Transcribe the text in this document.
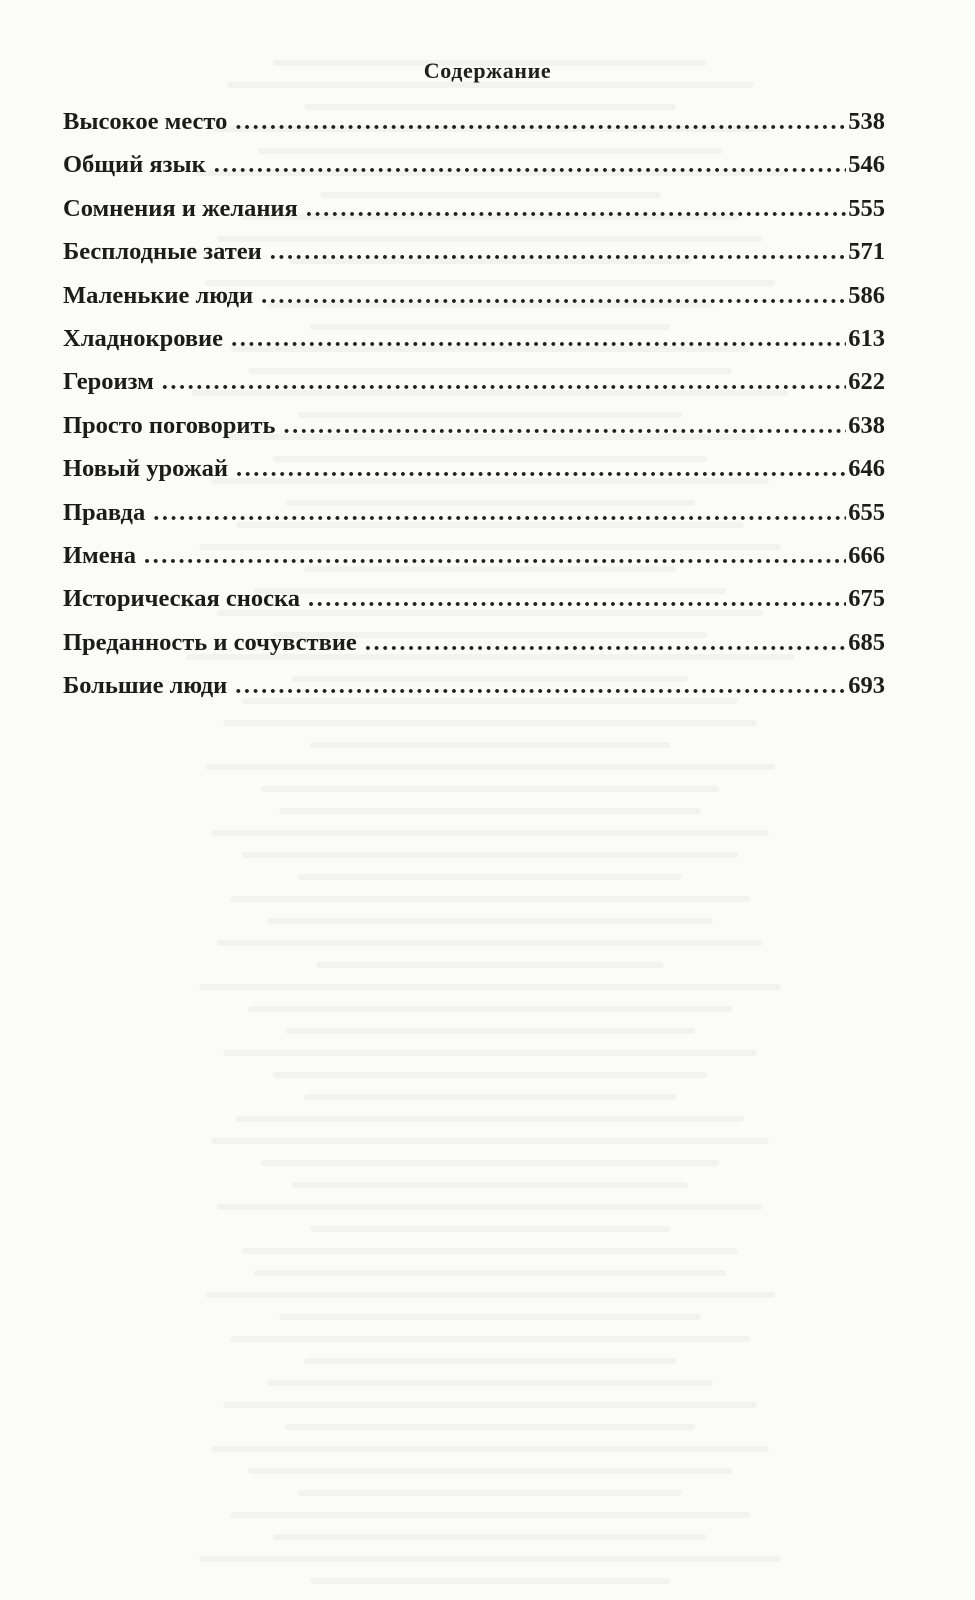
Содержание
Высокое место .....	538
Общий язык .....	546
Сомнения и желания .....	555
Бесплодные затеи .....	571
Маленькие люди .....	586
Хладнокровие .....	613
Героизм .....	622
Просто поговорить .....	638
Новый урожай .....	646
Правда .....	655
Имена .....	666
Историческая сноска .....	675
Преданность и сочувствие .....	685
Большие люди .....	693
